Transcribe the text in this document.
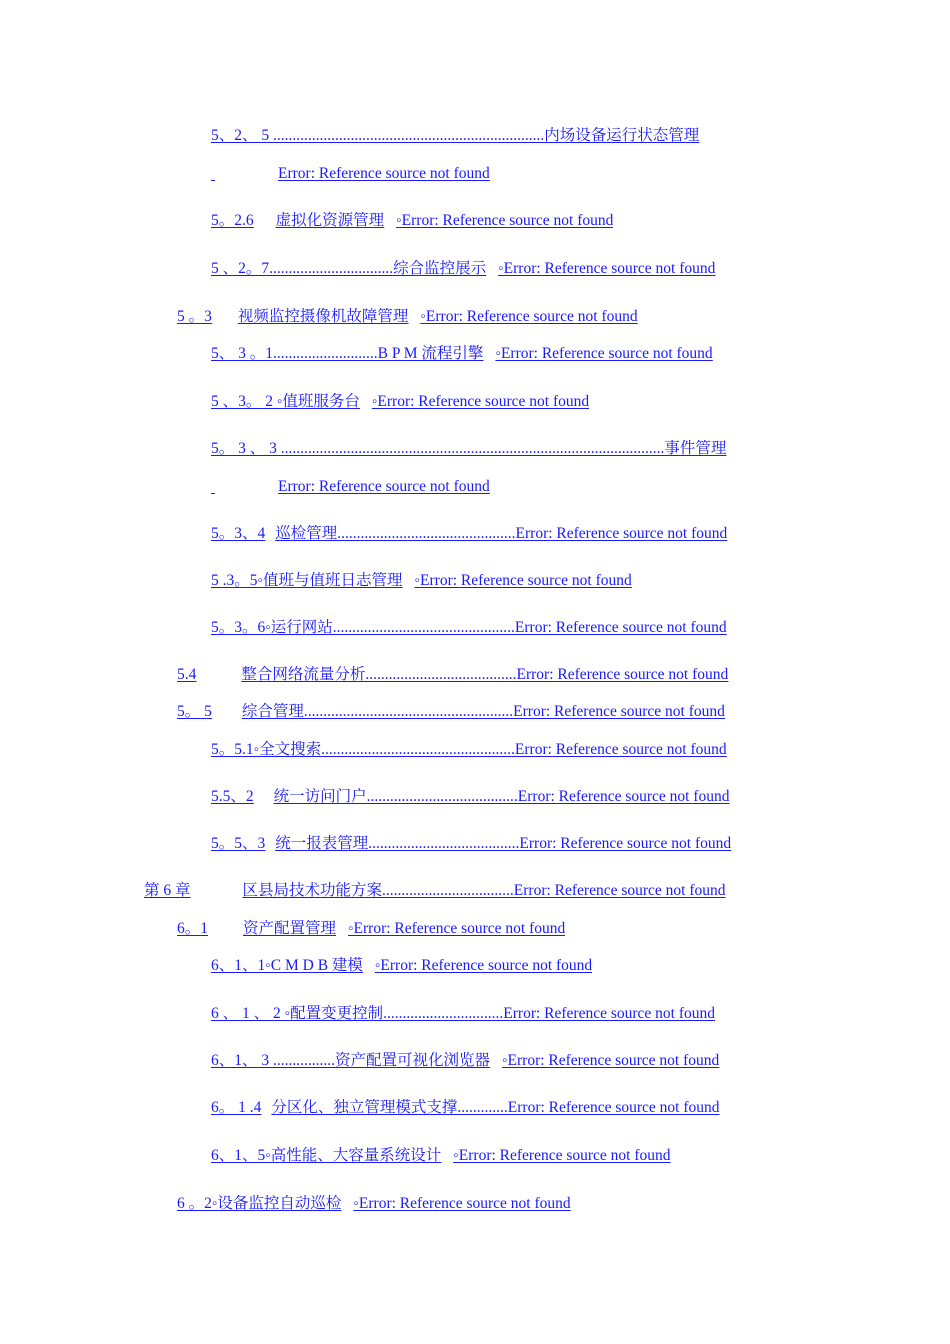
5、2、 5 ......................................................................内场设备运行状态管理
Error: Reference source not found
5。2.6 虚拟化资源管理 ◦Error: Reference source not found
5 、2。7................................综合监控展示 ◦Error: Reference source not found
5 。3 视频监控摄像机故障管理 ◦Error: Reference source not found
5、 3 。1...........................B P M 流程引擎 ◦Error: Reference source not found
5 、3。 2 ◦值班服务台 ◦Error: Reference source not found
5。 3 、 3 ...................................................................................................事件管理
Error: Reference source not found
5。3、4 巡检管理..............................................Error: Reference source not found
5 .3。5◦值班与值班日志管理 ◦Error: Reference source not found
5。3。6◦运行网站...............................................Error: Reference source not found
5.4	整合网络流量分析.......................................Error: Reference source not found
5。 5 综合管理......................................................Error: Reference source not found
5。5.1◦全文搜索..................................................Error: Reference source not found
5.5、2 统一访问门户.......................................Error: Reference source not found
5。5、3 统一报表管理.......................................Error: Reference source not found
第 6 章	区县局技术功能方案..................................Error: Reference source not found
6。1 资产配置管理 ◦Error: Reference source not found
6、1、1◦C M D B 建模 ◦Error: Reference source not found
6 、 1 、 2 ◦配置变更控制...............................Error: Reference source not found
6、1、 3 ................资产配置可视化浏览器 ◦Error: Reference source not found
6。 1 .4 分区化、独立管理模式支撑.............Error: Reference source not found
6、1、5◦高性能、大容量系统设计 ◦Error: Reference source not found
6 。2◦设备监控自动巡检 ◦Error: Reference source not found
